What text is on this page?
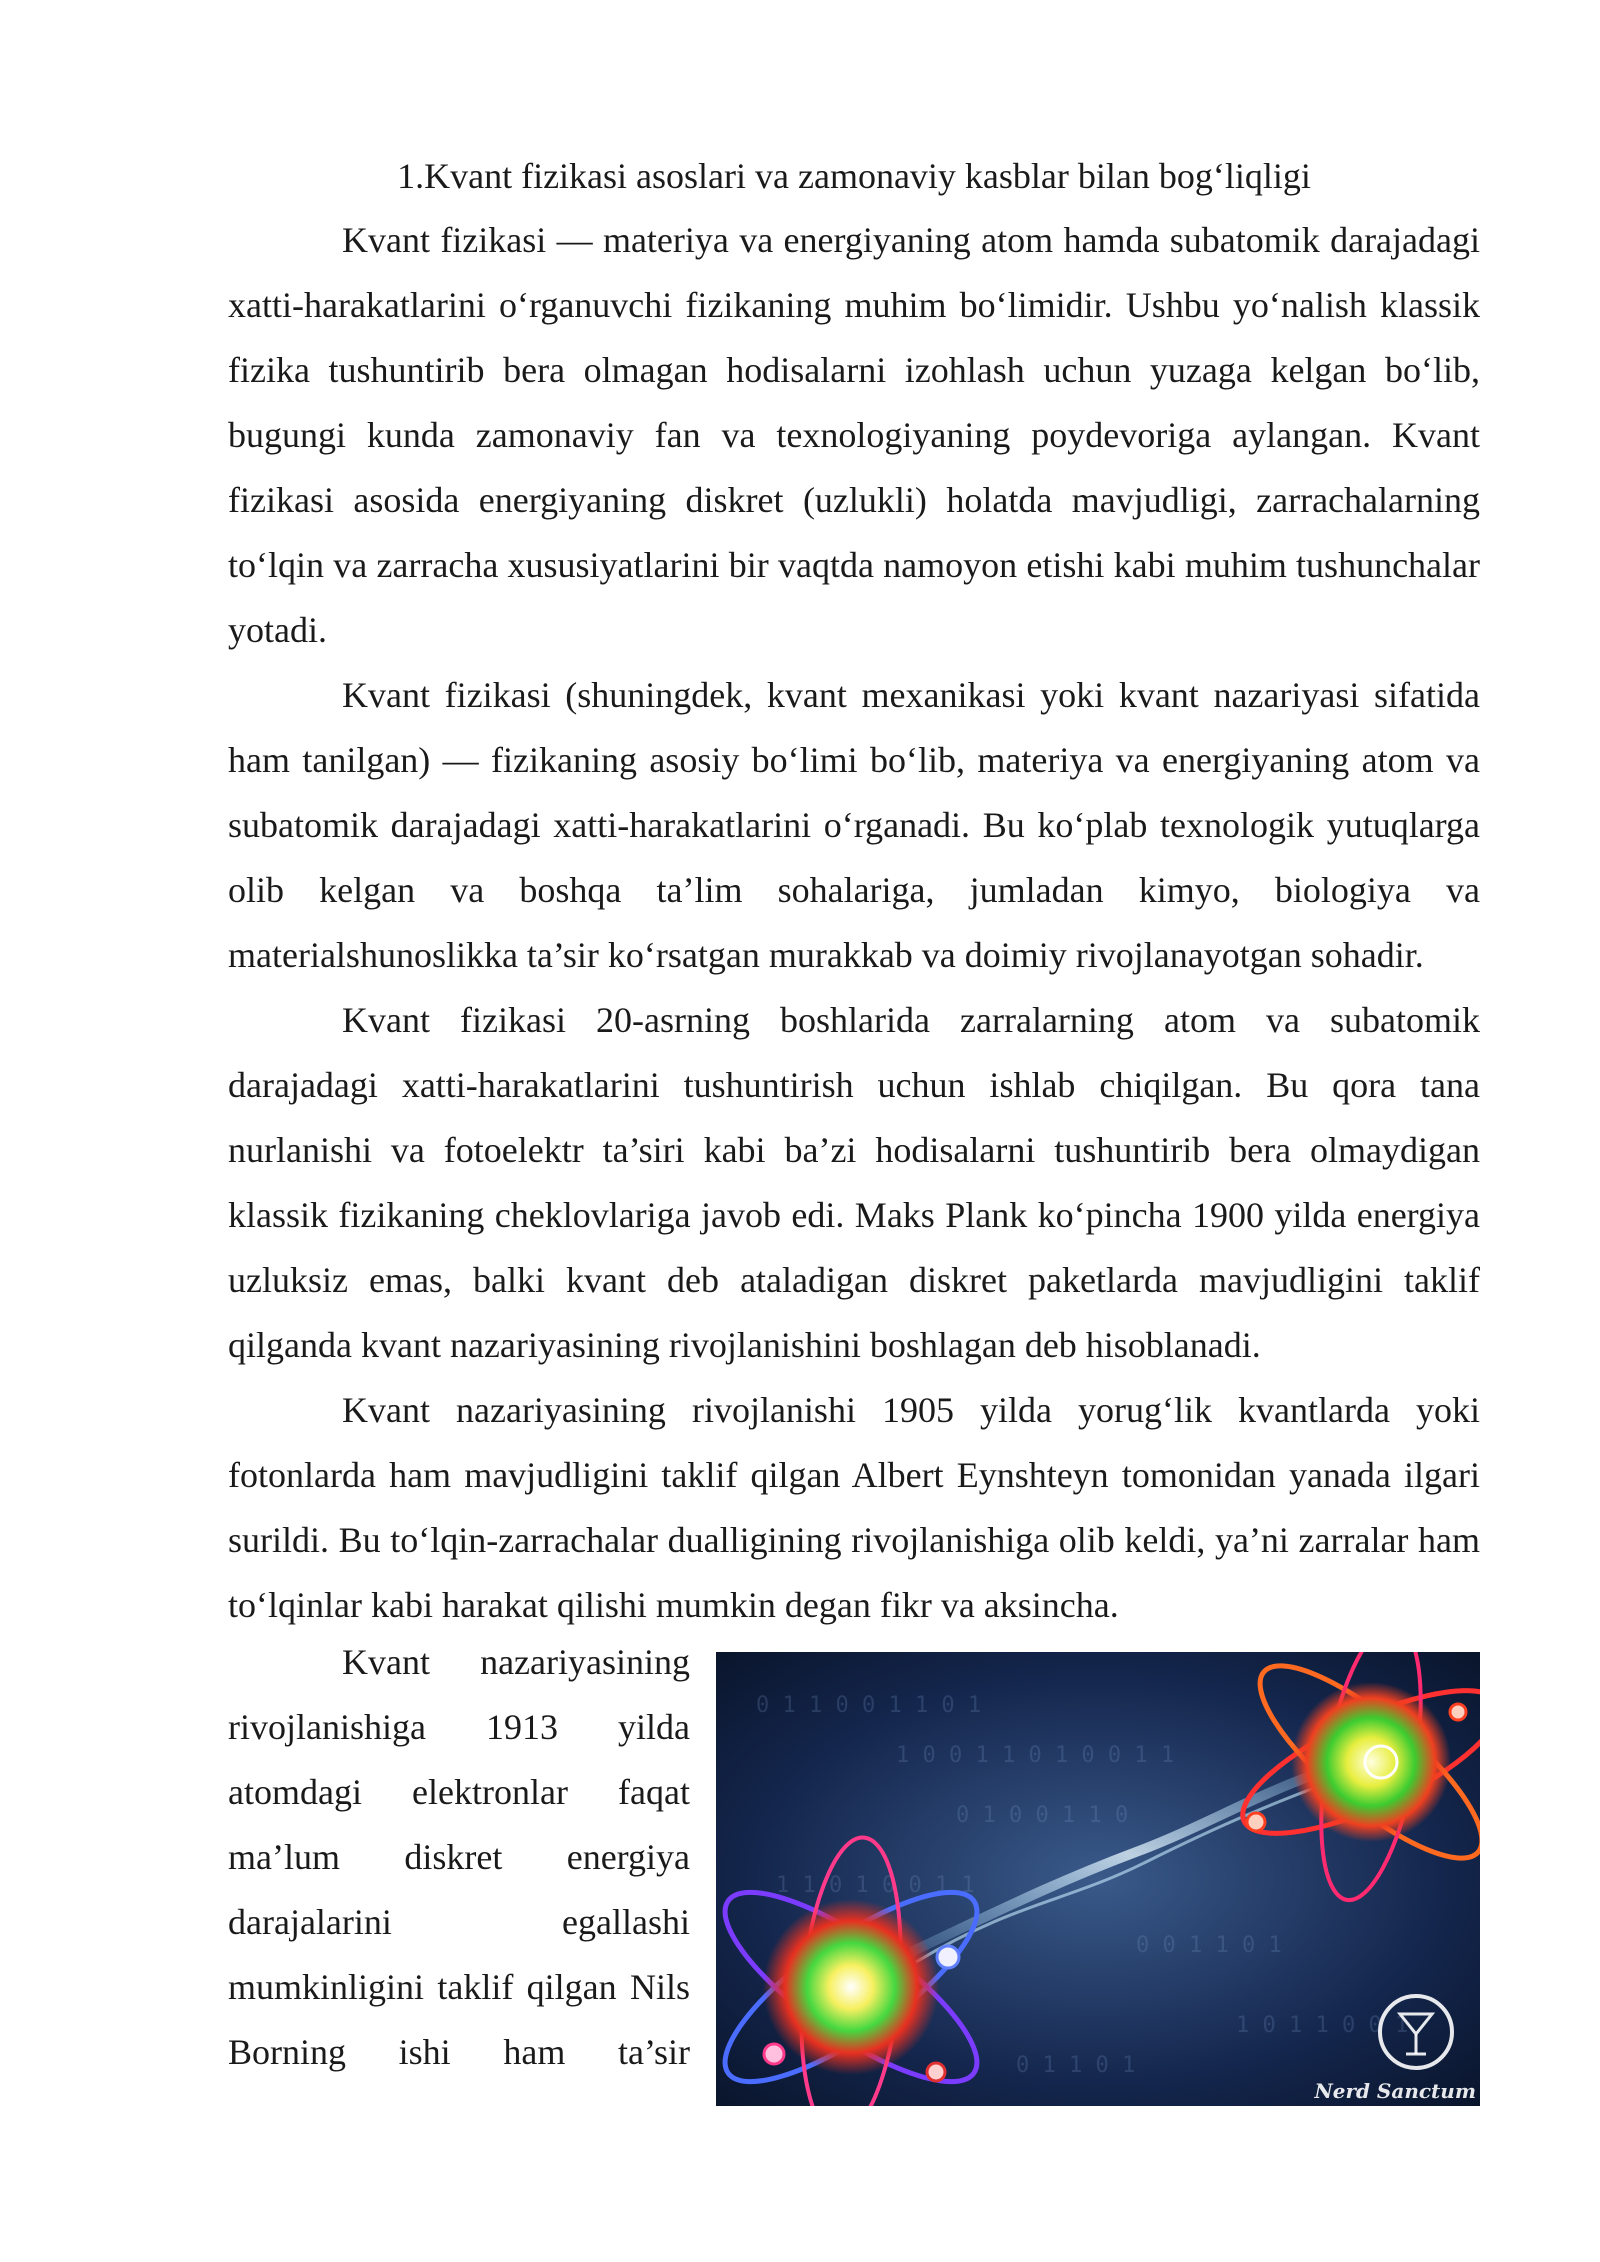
1.Kvant fizikasi asoslari va zamonaviy kasblar bilan bog‘liqligi

Kvant fizikasi — materiya va energiyaning atom hamda subatomik darajadagi xatti-harakatlarini o‘rganuvchi fizikaning muhim bo‘limidir. Ushbu yo‘nalish klassik fizika tushuntirib bera olmagan hodisalarni izohlash uchun yuzaga kelgan bo‘lib, bugungi kunda zamonaviy fan va texnologiyaning poydevoriga aylangan. Kvant fizikasi asosida energiyaning diskret (uzlukli) holatda mavjudligi, zarrachalarning to‘lqin va zarracha xususiyatlarini bir vaqtda namoyon etishi kabi muhim tushunchalar yotadi.

Kvant fizikasi (shuningdek, kvant mexanikasi yoki kvant nazariyasi sifatida ham tanilgan) — fizikaning asosiy bo‘limi bo‘lib, materiya va energiyaning atom va subatomik darajadagi xatti-harakatlarini o‘rganadi. Bu ko‘plab texnologik yutuqlarga olib kelgan va boshqa ta’lim sohalariga, jumladan kimyo, biologiya va materialshunoslikka ta’sir ko‘rsatgan murakkab va doimiy rivojlanayotgan sohadir.

Kvant fizikasi 20-asrning boshlarida zarralarning atom va subatomik darajadagi xatti-harakatlarini tushuntirish uchun ishlab chiqilgan. Bu qora tana nurlanishi va fotoelektr ta’siri kabi ba’zi hodisalarni tushuntirib bera olmaydigan klassik fizikaning cheklovlariga javob edi. Maks Plank ko‘pincha 1900 yilda energiya uzluksiz emas, balki kvant deb ataladigan diskret paketlarda mavjudligini taklif qilganda kvant nazariyasining rivojlanishini boshlagan deb hisoblanadi.

Kvant nazariyasining rivojlanishi 1905 yilda yorug‘lik kvantlarda yoki fotonlarda ham mavjudligini taklif qilgan Albert Eynshteyn tomonidan yanada ilgari surildi. Bu to‘lqin-zarrachalar dualligining rivojlanishiga olib keldi, ya’ni zarralar ham to‘lqinlar kabi harakat qilishi mumkin degan fikr va aksincha.

Kvant nazariyasining rivojlanishiga 1913 yilda atomdagi elektronlar faqat ma’lum diskret energiya darajalarini egallashi mumkinligini taklif qilgan Nils Borning ishi ham ta’sir

0 1 1 0 0 1 1 0 1
1 0 0 1 1 0 1 0 0 1 1
0 1 0 0 1 1 0
1 1 0 1 0 0 1 1
0 0 1 1 0 1
1 0 1 1 0 0 1
0 1 1 0 1
Nerd Sanctum
